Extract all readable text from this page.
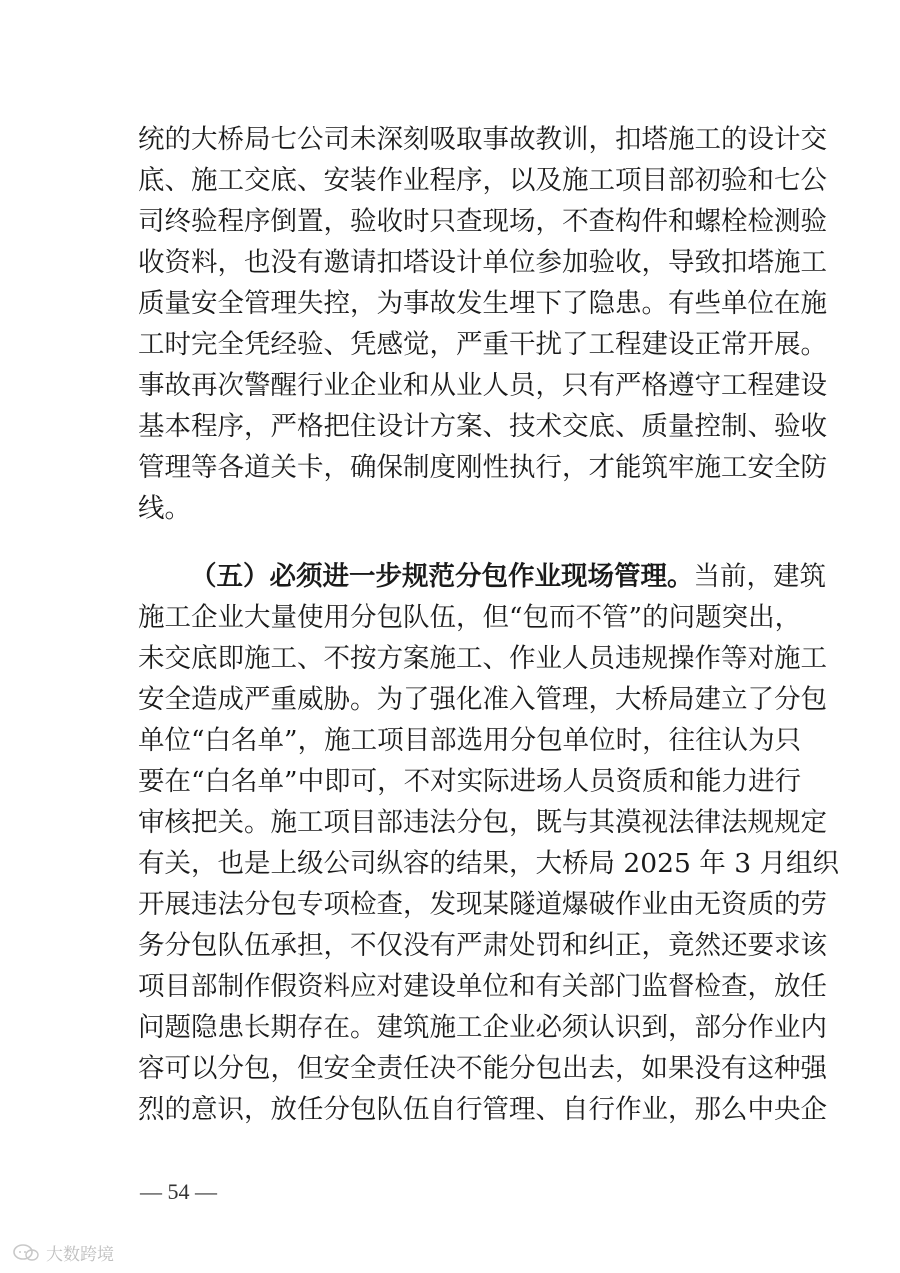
统的大桥局七公司未深刻吸取事故教训，扣塔施工的设计交
底、施工交底、安装作业程序，以及施工项目部初验和七公
司终验程序倒置，验收时只查现场，不查构件和螺栓检测验
收资料，也没有邀请扣塔设计单位参加验收，导致扣塔施工
质量安全管理失控，为事故发生埋下了隐患。有些单位在施
工时完全凭经验、凭感觉，严重干扰了工程建设正常开展。
事故再次警醒行业企业和从业人员，只有严格遵守工程建设
基本程序，严格把住设计方案、技术交底、质量控制、验收
管理等各道关卡，确保制度刚性执行，才能筑牢施工安全防
线。
（五）必须进一步规范分包作业现场管理。当前，建筑
施工企业大量使用分包队伍，但“包而不管”的问题突出，
未交底即施工、不按方案施工、作业人员违规操作等对施工
安全造成严重威胁。为了强化准入管理，大桥局建立了分包
单位“白名单”，施工项目部选用分包单位时，往往认为只
要在“白名单”中即可，不对实际进场人员资质和能力进行
审核把关。施工项目部违法分包，既与其漠视法律法规规定
有关，也是上级公司纵容的结果，大桥局 2025 年 3 月组织
开展违法分包专项检查，发现某隧道爆破作业由无资质的劳
务分包队伍承担，不仅没有严肃处罚和纠正，竟然还要求该
项目部制作假资料应对建设单位和有关部门监督检查，放任
问题隐患长期存在。建筑施工企业必须认识到，部分作业内
容可以分包，但安全责任决不能分包出去，如果没有这种强
烈的意识，放任分包队伍自行管理、自行作业，那么中央企
— 54 —
大数跨境
